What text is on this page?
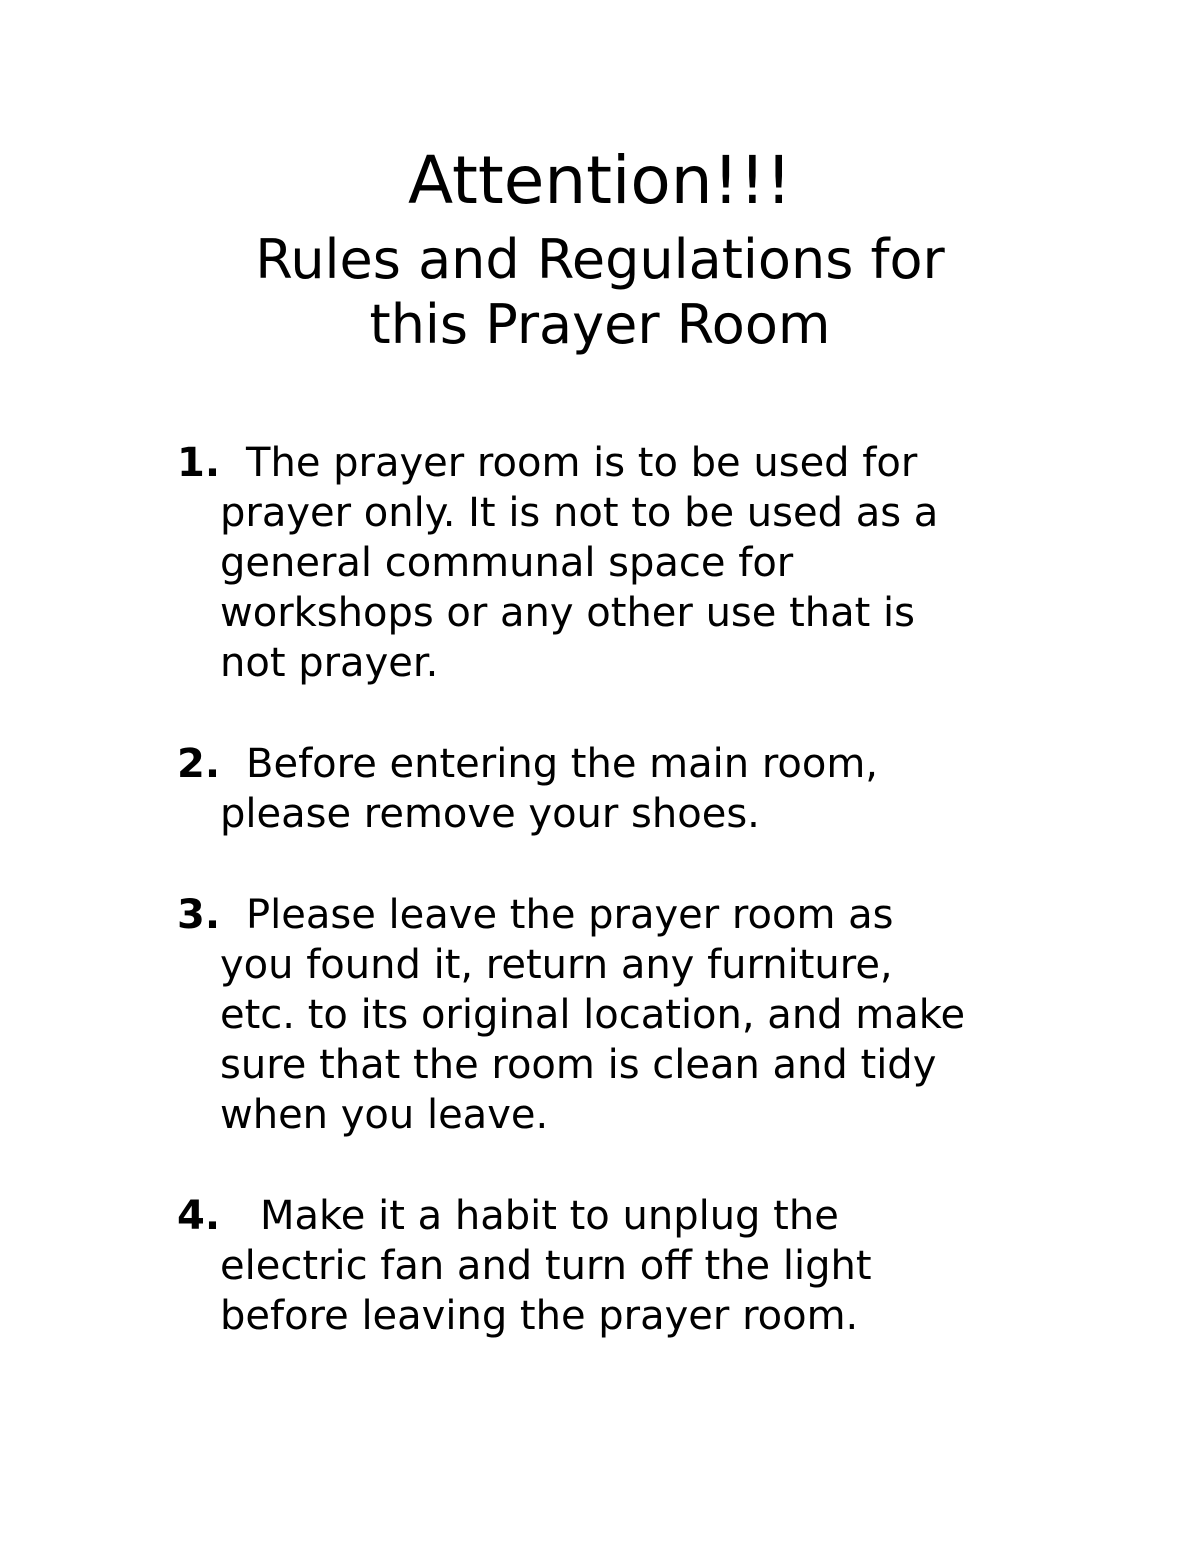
Attention!!!
Rules and Regulations for
this Prayer Room
1. The prayer room is to be used for
prayer only. It is not to be used as a
general communal space for
workshops or any other use that is
not prayer.
2. Before entering the main room,
please remove your shoes.
3. Please leave the prayer room as
you found it, return any furniture,
etc. to its original location, and make
sure that the room is clean and tidy
when you leave.
4. Make it a habit to unplug the
electric fan and turn off the light
before leaving the prayer room.
